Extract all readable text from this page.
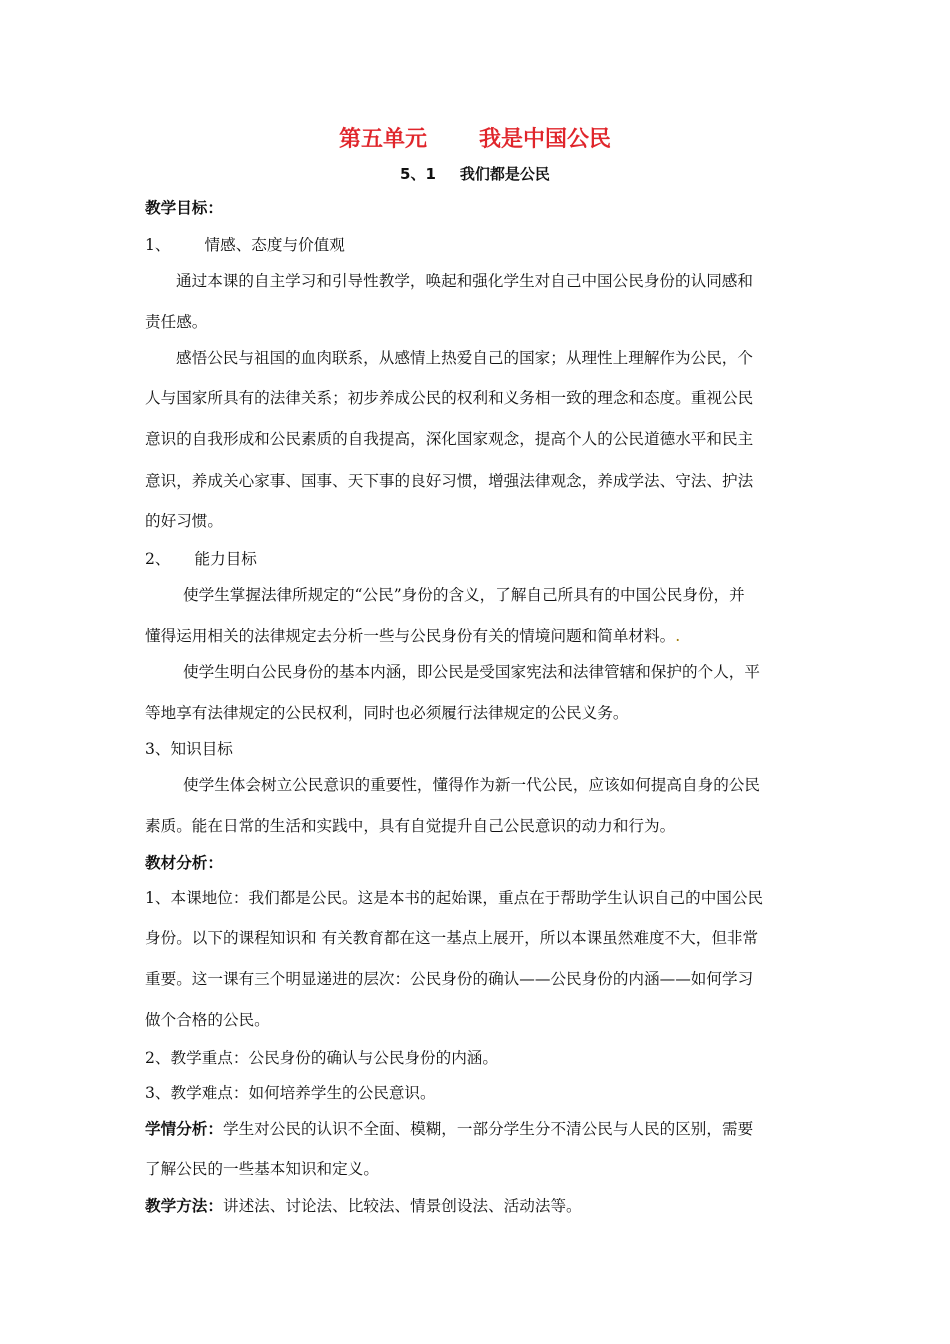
第五单元 我是中国公民
5、1 我们都是公民
教学目标：
1、 情感、态度与价值观
通过本课的自主学习和引导性教学，唤起和强化学生对自己中国公民身份的认同感和
责任感。
感悟公民与祖国的血肉联系，从感情上热爱自己的国家；从理性上理解作为公民，个
人与国家所具有的法律关系；初步养成公民的权利和义务相一致的理念和态度。重视公民
意识的自我形成和公民素质的自我提高，深化国家观念，提高个人的公民道德水平和民主
意识，养成关心家事、国事、天下事的良好习惯，增强法律观念，养成学法、守法、护法
的好习惯。
2、 能力目标
使学生掌握法律所规定的“公民”身份的含义，了解自己所具有的中国公民身份，并
懂得运用相关的法律规定去分析一些与公民身份有关的情境问题和简单材料。.
使学生明白公民身份的基本内涵，即公民是受国家宪法和法律管辖和保护的个人，平
等地享有法律规定的公民权利，同时也必须履行法律规定的公民义务。
3、知识目标
使学生体会树立公民意识的重要性，懂得作为新一代公民，应该如何提高自身的公民
素质。能在日常的生活和实践中，具有自觉提升自己公民意识的动力和行为。
教材分析：
1、本课地位：我们都是公民。这是本书的起始课，重点在于帮助学生认识自己的中国公民
身份。以下的课程知识和 有关教育都在这一基点上展开，所以本课虽然难度不大，但非常
重要。这一课有三个明显递进的层次：公民身份的确认——公民身份的内涵——如何学习
做个合格的公民。
2、教学重点：公民身份的确认与公民身份的内涵。
3、教学难点：如何培养学生的公民意识。
学情分析：学生对公民的认识不全面、模糊，一部分学生分不清公民与人民的区别，需要
了解公民的一些基本知识和定义。
教学方法：讲述法、讨论法、比较法、情景创设法、活动法等。
